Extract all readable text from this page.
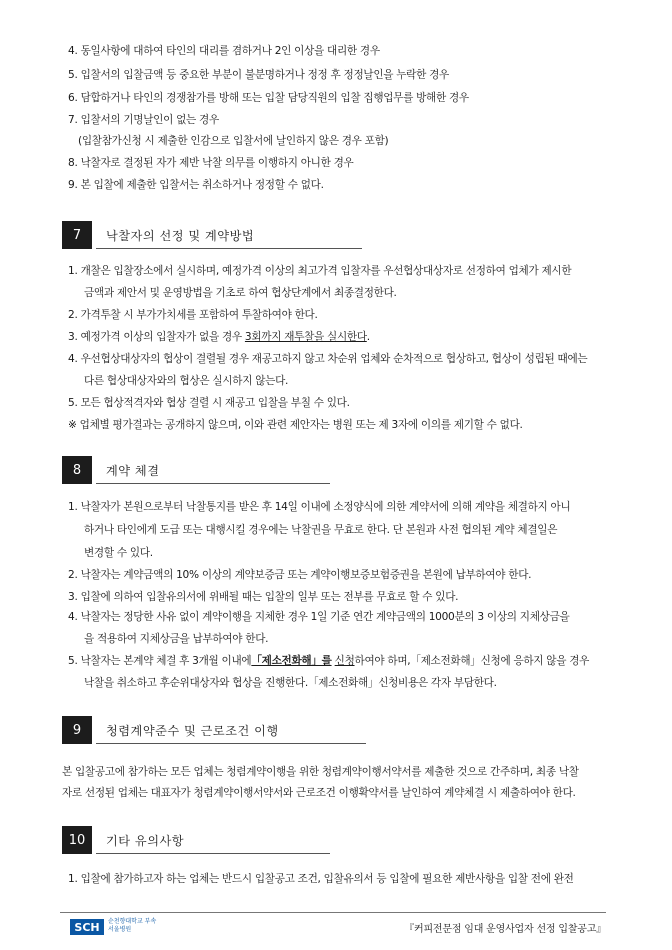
4. 동일사항에 대하여 타인의 대리를 겸하거나 2인 이상을 대리한 경우
5. 입찰서의 입찰금액 등 중요한 부분이 불분명하거나 정정 후 정정날인을 누락한 경우
6. 담합하거나 타인의 경쟁참가를 방해 또는 입찰 담당직원의 입찰 집행업무를 방해한 경우
7. 입찰서의 기명날인이 없는 경우
(입찰참가신청 시 제출한 인감으로 입찰서에 날인하지 않은 경우 포함)
8. 낙찰자로 결정된 자가 제반 낙찰 의무를 이행하지 아니한 경우
9. 본 입찰에 제출한 입찰서는 취소하거나 정정할 수 없다.
7	낙찰자의 선정 및 계약방법
1. 개찰은 입찰장소에서 실시하며, 예정가격 이상의 최고가격 입찰자를 우선협상대상자로 선정하여 업체가 제시한
금액과 제안서 및 운영방법을 기초로 하여 협상단계에서 최종결정한다.
2. 가격투찰 시 부가가치세를 포함하여 투찰하여야 한다.
3. 예정가격 이상의 입찰자가 없을 경우 3회까지 재투찰을 실시한다.
4. 우선협상대상자의 협상이 결렬될 경우 재공고하지 않고 차순위 업체와 순차적으로 협상하고, 협상이 성립된 때에는
다른 협상대상자와의 협상은 실시하지 않는다.
5. 모든 협상적격자와 협상 결렬 시 재공고 입찰을 부칠 수 있다.
※ 업체별 평가결과는 공개하지 않으며, 이와 관련 제안자는 병원 또는 제 3자에 이의를 제기할 수 없다.
8	계약 체결
1. 낙찰자가 본원으로부터 낙찰통지를 받은 후 14일 이내에 소정양식에 의한 계약서에 의해 계약을 체결하지 아니
하거나 타인에게 도급 또는 대행시킬 경우에는 낙찰권을 무효로 한다. 단 본원과 사전 협의된 계약 체결일은
변경할 수 있다.
2. 낙찰자는 계약금액의 10% 이상의 계약보증금 또는 계약이행보증보험증권을 본원에 납부하여야 한다.
3. 입찰에 의하여 입찰유의서에 위배될 때는 입찰의 일부 또는 전부를 무효로 할 수 있다.
4. 낙찰자는 정당한 사유 없이 계약이행을 지체한 경우 1일 기준 연간 계약금액의 1000분의 3 이상의 지체상금을
을 적용하여 지체상금을 납부하여야 한다.
5. 낙찰자는 본계약 체결 후 3개월 이내에「제소전화해」를 신청하여야 하며,「제소전화해」신청에 응하지 않을 경우
낙찰을 취소하고 후순위대상자와 협상을 진행한다.「제소전화해」신청비용은 각자 부담한다.
9	청렴계약준수 및 근로조건 이행
본 입찰공고에 참가하는 모든 업체는 청렴계약이행을 위한 청렴계약이행서약서를 제출한 것으로 간주하며, 최종 낙찰
자로 선정된 업체는 대표자가 청렴계약이행서약서와 근로조건 이행확약서를 날인하여 계약체결 시 제출하여야 한다.
10	기타 유의사항
1. 입찰에 참가하고자 하는 업체는 반드시 입찰공고 조건, 입찰유의서 등 입찰에 필요한 제반사항을 입찰 전에 완전
SCH	순천향대학교 부속
서울병원	『커피전문점 임대 운영사업자 선정 입찰공고』
